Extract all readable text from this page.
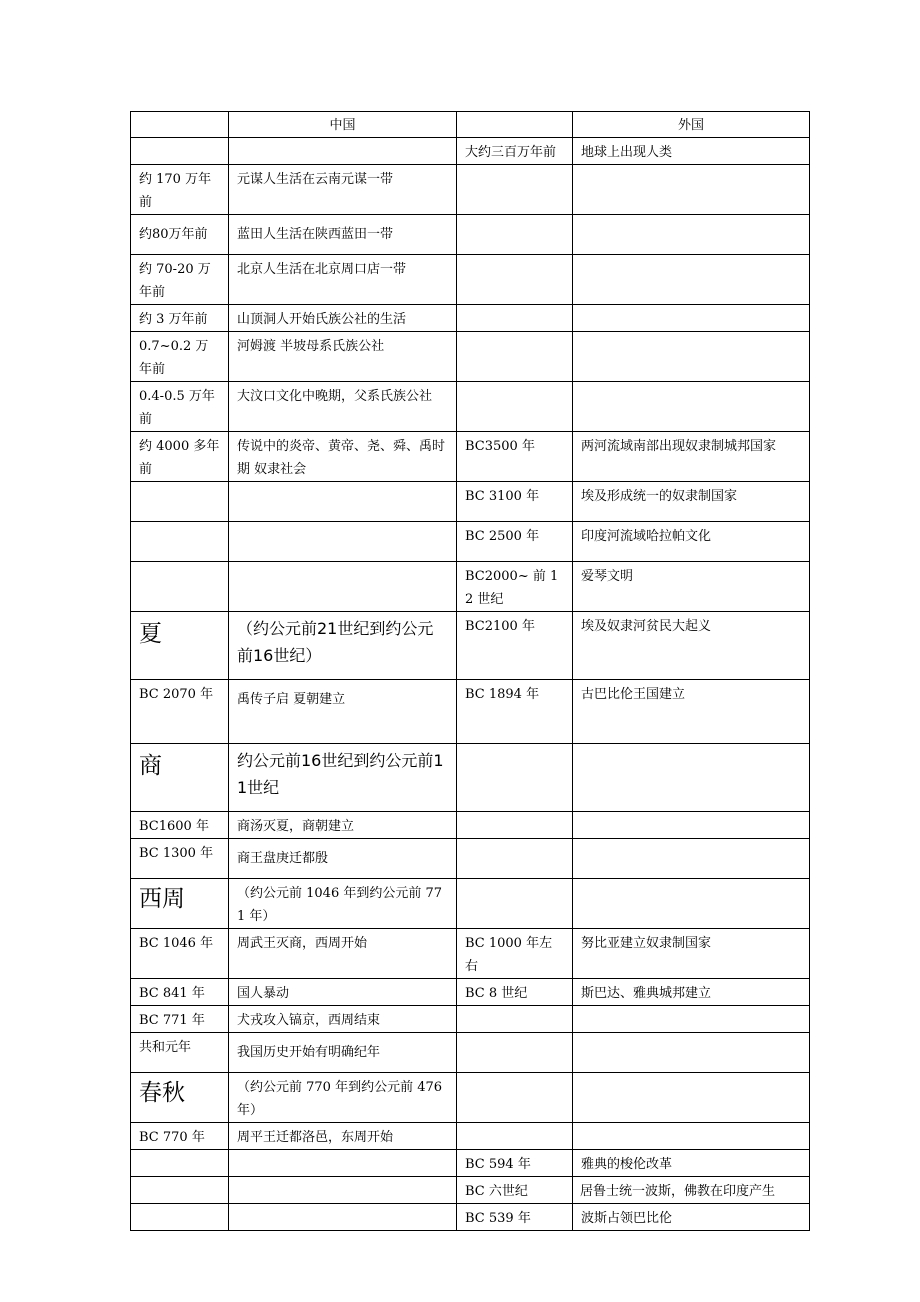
	中国		外国
		大约三百万年前	地球上出现人类
约 170 万年前	元谋人生活在云南元谋一带		
约80万年前	蓝田人生活在陕西蓝田一带		
约 70-20 万年前	北京人生活在北京周口店一带		
约 3 万年前	山顶洞人开始氏族公社的生活		
0.7~0.2 万年前	河姆渡 半坡母系氏族公社		
0.4-0.5 万年前	大汶口文化中晚期，父系氏族公社		
约 4000 多年前	传说中的炎帝、黄帝、尧、舜、禹时期 奴隶社会	BC3500 年	两河流域南部出现奴隶制城邦国家
		BC 3100 年	埃及形成统一的奴隶制国家
		BC 2500 年	印度河流域哈拉帕文化
		BC2000~ 前 12 世纪	爱琴文明
夏	（约公元前21世纪到约公元前16世纪）	BC2100 年	埃及奴隶河贫民大起义
BC 2070 年	禹传子启 夏朝建立	BC 1894 年	古巴比伦王国建立
商	约公元前16世纪到约公元前11世纪		
BC1600 年	商汤灭夏，商朝建立		
BC 1300 年	商王盘庚迁都殷		
西周	（约公元前 1046 年到约公元前 771 年）		
BC 1046 年	周武王灭商，西周开始	BC 1000 年左右	努比亚建立奴隶制国家
BC 841 年	国人暴动	BC 8 世纪	斯巴达、雅典城邦建立
BC 771 年	犬戎攻入镐京，西周结束		
共和元年	我国历史开始有明确纪年		
春秋	（约公元前 770 年到约公元前 476 年）		
BC 770 年	周平王迁都洛邑，东周开始		
		BC 594 年	雅典的梭伦改革
		BC 六世纪	居鲁士统一波斯，佛教在印度产生
		BC 539 年	波斯占领巴比伦
